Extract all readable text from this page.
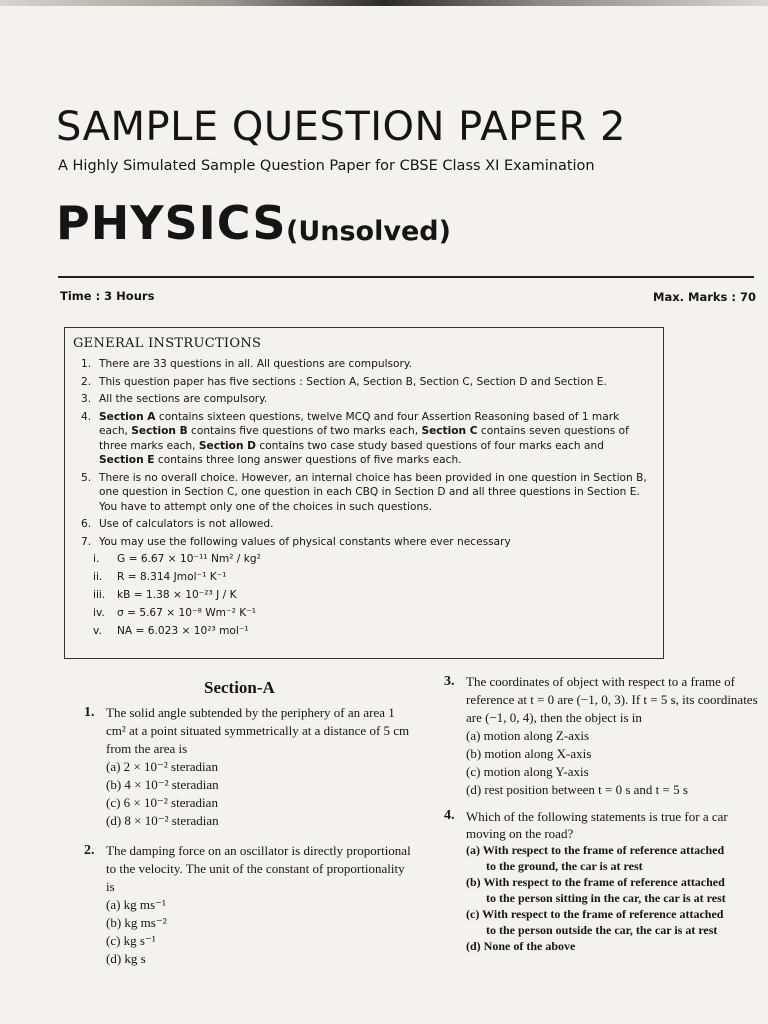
SAMPLE QUESTION PAPER 2
A Highly Simulated Sample Question Paper for CBSE Class XI Examination
PHYSICS (Unsolved)
Time : 3 Hours	Max. Marks : 70
GENERAL INSTRUCTIONS
1. There are 33 questions in all. All questions are compulsory.
2. This question paper has five sections : Section A, Section B, Section C, Section D and Section E.
3. All the sections are compulsory.
4. Section A contains sixteen questions, twelve MCQ and four Assertion Reasoning based of 1 mark each, Section B contains five questions of two marks each, Section C contains seven questions of three marks each, Section D contains two case study based questions of four marks each and Section E contains three long answer questions of five marks each.
5. There is no overall choice. However, an internal choice has been provided in one question in Section B, one question in Section C, one question in each CBQ in Section D and all three questions in Section E. You have to attempt only one of the choices in such questions.
6. Use of calculators is not allowed.
7. You may use the following values of physical constants where ever necessary
i.	G = 6.67 × 10⁻¹¹ Nm² / kg²
ii.	R = 8.314 Jmol⁻¹ K⁻¹
iii.	kB = 1.38 × 10⁻²³ J / K
iv.	σ = 5.67 × 10⁻⁸ Wm⁻² K⁻¹
v.	NA = 6.023 × 10²³ mol⁻¹
Section-A
1. The solid angle subtended by the periphery of an area 1 cm² at a point situated symmetrically at a distance of 5 cm from the area is
(a) 2 × 10⁻² steradian
(b) 4 × 10⁻² steradian
(c) 6 × 10⁻² steradian
(d) 8 × 10⁻² steradian
2. The damping force on an oscillator is directly proportional to the velocity. The unit of the constant of proportionality is
(a) kg ms⁻¹
(b) kg ms⁻²
(c) kg s⁻¹
(d) kg s
3. The coordinates of object with respect to a frame of reference at t = 0 are (−1, 0, 3). If t = 5 s, its coordinates are (−1, 0, 4), then the object is in
(a) motion along Z-axis
(b) motion along X-axis
(c) motion along Y-axis
(d) rest position between t = 0 s and t = 5 s
4. Which of the following statements is true for a car moving on the road?
(a) With respect to the frame of reference attached
to the ground, the car is at rest
(b) With respect to the frame of reference attached
to the person sitting in the car, the car is at rest
(c) With respect to the frame of reference attached
to the person outside the car, the car is at rest
(d) None of the above
